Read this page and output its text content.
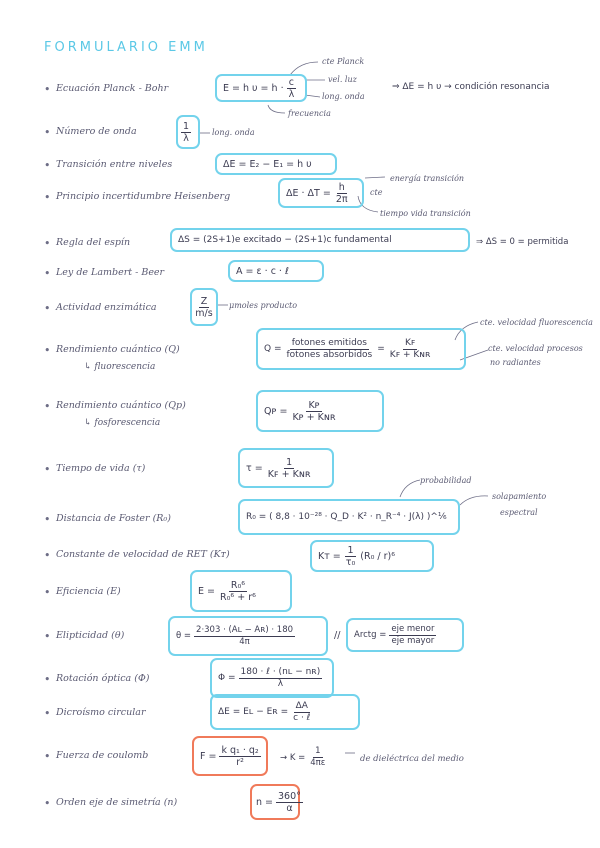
FORMULARIO EMM
• Ecuación Planck - Bohr	E = h $\upsilon = h \cdot \frac{c}{\lambda}$
cte Planck
vel. luz
long. onda
frecuencia
⇒ ΔE = h υ → condición resonancia
• Número de onda	$\frac{1}{\lambda}$	long. onda
• Transición entre niveles	ΔE = E₂ − E₁ = h υ
• Principio incertidumbre Heisenberg	$\Delta E \cdot \Delta T = \frac{h}{2\pi}$	cte
energía transición
tiempo vida transición
• Regla del espín	ΔS = (2S+1)e excitado − (2S+1)c fundamental	⇒ ΔS = 0 = permitida
• Ley de Lambert - Beer	A = ε · c · ℓ
• Actividad enzimática	$\frac{Z}{m/s}$ μmoles producto
• Rendimiento cuántico (Q)
↳ fluorescencia
$Q = \frac{\text{fotones emitidos}}{\text{fotones absorbidos}} = \frac{\text{Kꜰ}}{\text{Kꜰ + Kɴʀ}}$
cte. velocidad fluorescencia
cte. velocidad procesos
no radiantes
• Rendimiento cuántico (Qp)
↳ fosforescencia
Qᴘ = $\frac{\text{Kᴘ}}{\text{Kᴘ + Kɴʀ}}$
• Tiempo de vida (τ)	$\tau = \frac{1}{\text{Kꜰ + Kɴʀ}}$
• Distancia de Foster (R₀)	R₀ = ( 8,8 · 10⁻²⁸ · Q_D · K² · n_R⁻⁴ · J(λ) )^¹⁄₆
probabilidad
solapamiento
espectral
• Constante de velocidad de RET (Kᴛ)	Kᴛ = $\frac{1}{\text{τ₀}} (R_0 / r)^6$
• Eficiencia (E)	$E = \frac{\text{R₀⁶}}{\text{R₀⁶ + r⁶}}$
• Elipticidad (θ)	$\theta = \frac{\text{2·303 · (Aʟ − Aʀ) · 180}}{4\pi}$	// Arctg = $\frac{\text{eje menor}}{\text{eje mayor}}$
• Rotación óptica (Φ)	$\Phi = \frac{\text{180 · ℓ · (nʟ − nʀ)}}{\lambda}$
• Dicroísmo circular	ΔE = Eʟ − Eʀ = $\frac{\Delta A}{\text{c · ℓ}}$
• Fuerza de coulomb	$F = \frac{\text{k q₁ · q₂}}{\text{r²}} \to K = \frac{1}{4\pi\varepsilon}$	de dieléctrica del medio
• Orden eje de simetría (n)	$n = \frac{360^\circ}{\alpha}$
